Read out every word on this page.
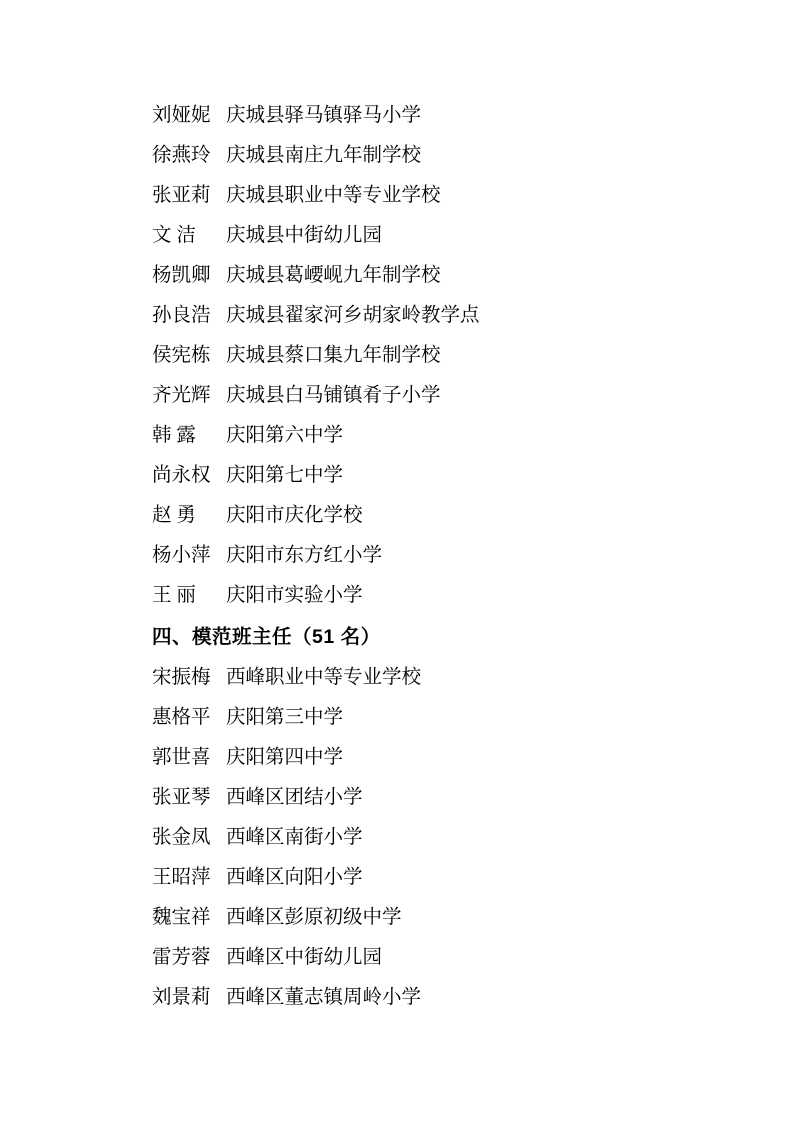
刘娅妮 庆城县驿马镇驿马小学
徐燕玲 庆城县南庄九年制学校
张亚莉 庆城县职业中等专业学校
文 洁	庆城县中街幼儿园
杨凯卿 庆城县葛崾岘九年制学校
孙良浩 庆城县翟家河乡胡家岭教学点
侯宪栋 庆城县蔡口集九年制学校
齐光辉 庆城县白马铺镇肴子小学
韩 露	庆阳第六中学
尚永权 庆阳第七中学
赵 勇	庆阳市庆化学校
杨小萍 庆阳市东方红小学
王 丽	庆阳市实验小学
四、模范班主任（51 名）
宋振梅 西峰职业中等专业学校
惠格平 庆阳第三中学
郭世喜 庆阳第四中学
张亚琴 西峰区团结小学
张金凤 西峰区南街小学
王昭萍 西峰区向阳小学
魏宝祥 西峰区彭原初级中学
雷芳蓉 西峰区中街幼儿园
刘景莉 西峰区董志镇周岭小学
